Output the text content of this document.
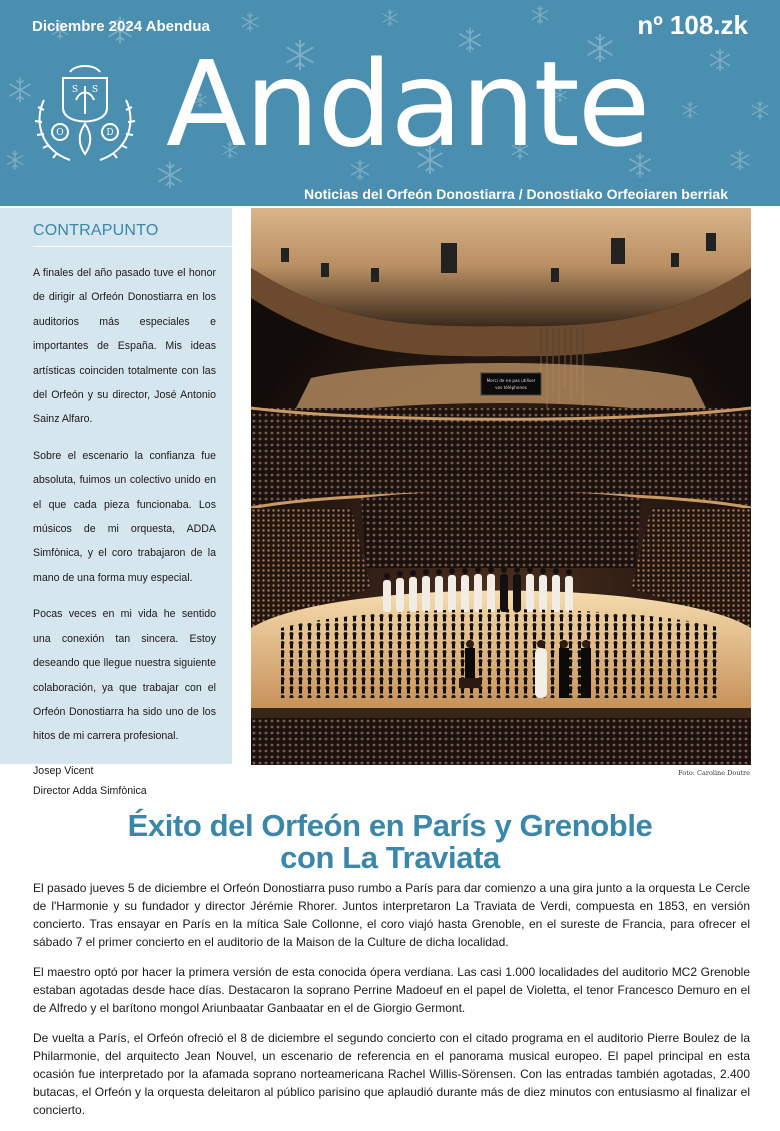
Diciembre 2024 Abendua	nº 108.zk
S S
O	D Andante
Noticias del Orfeón Donostiarra / Donostiako Orfeoiaren berriak
CONTRAPUNTO

A finales del año pasado tuve el honor de dirigir al Orfeón Donostiarra en los auditorios más especiales e importantes de España. Mis ideas artísticas coinciden totalmente con las del Orfeón y su director, José Antonio Sainz Alfaro.

Sobre el escenario la confianza fue absoluta, fuimos un colectivo unido en el que cada pieza funcionaba. Los músicos de mi orquesta, ADDA Simfònica, y el coro trabajaron de la mano de una forma muy especial.

Pocas veces en mi vida he sentido una conexión tan sincera. Estoy deseando que llegue nuestra siguiente colaboración, ya que trabajar con el Orfeón Donostiarra ha sido uno de los hitos de mi carrera profesional.

Josep Vicent
Director Adda Simfònica
Merci de ne pas utiliser
vos téléphones
Foto: Caroline Doutre
Éxito del Orfeón en París y Grenoble
con La Traviata

El pasado jueves 5 de diciembre el Orfeón Donostiarra puso rumbo a París para dar comienzo a una gira junto a la orquesta Le Cercle de l'Harmonie y su fundador y director Jérémie Rhorer. Juntos interpretaron La Traviata de Verdi, compuesta en 1853, en versión concierto. Tras ensayar en París en la mítica Sale Collonne, el coro viajó hasta Grenoble, en el sureste de Francia, para ofrecer el sábado 7 el primer concierto en el auditorio de la Maison de la Culture de dicha localidad.

El maestro optó por hacer la primera versión de esta conocida ópera verdiana. Las casi 1.000 localidades del auditorio MC2 Grenoble estaban agotadas desde hace días. Destacaron la soprano Perrine Madoeuf en el papel de Violetta, el tenor Francesco Demuro en el de Alfredo y el barítono mongol Ariunbaatar Ganbaatar en el de Giorgio Germont.

De vuelta a París, el Orfeón ofreció el 8 de diciembre el segundo concierto con el citado programa en el auditorio Pierre Boulez de la Philarmonie, del arquitecto Jean Nouvel, un escenario de referencia en el panorama musical europeo. El papel principal en esta ocasión fue interpretado por la afamada soprano norteamericana Rachel Willis-Sörensen. Con las entradas también agotadas, 2.400 butacas, el Orfeón y la orquesta deleitaron al público parisino que aplaudió durante más de diez minutos con entusiasmo al finalizar el concierto.
